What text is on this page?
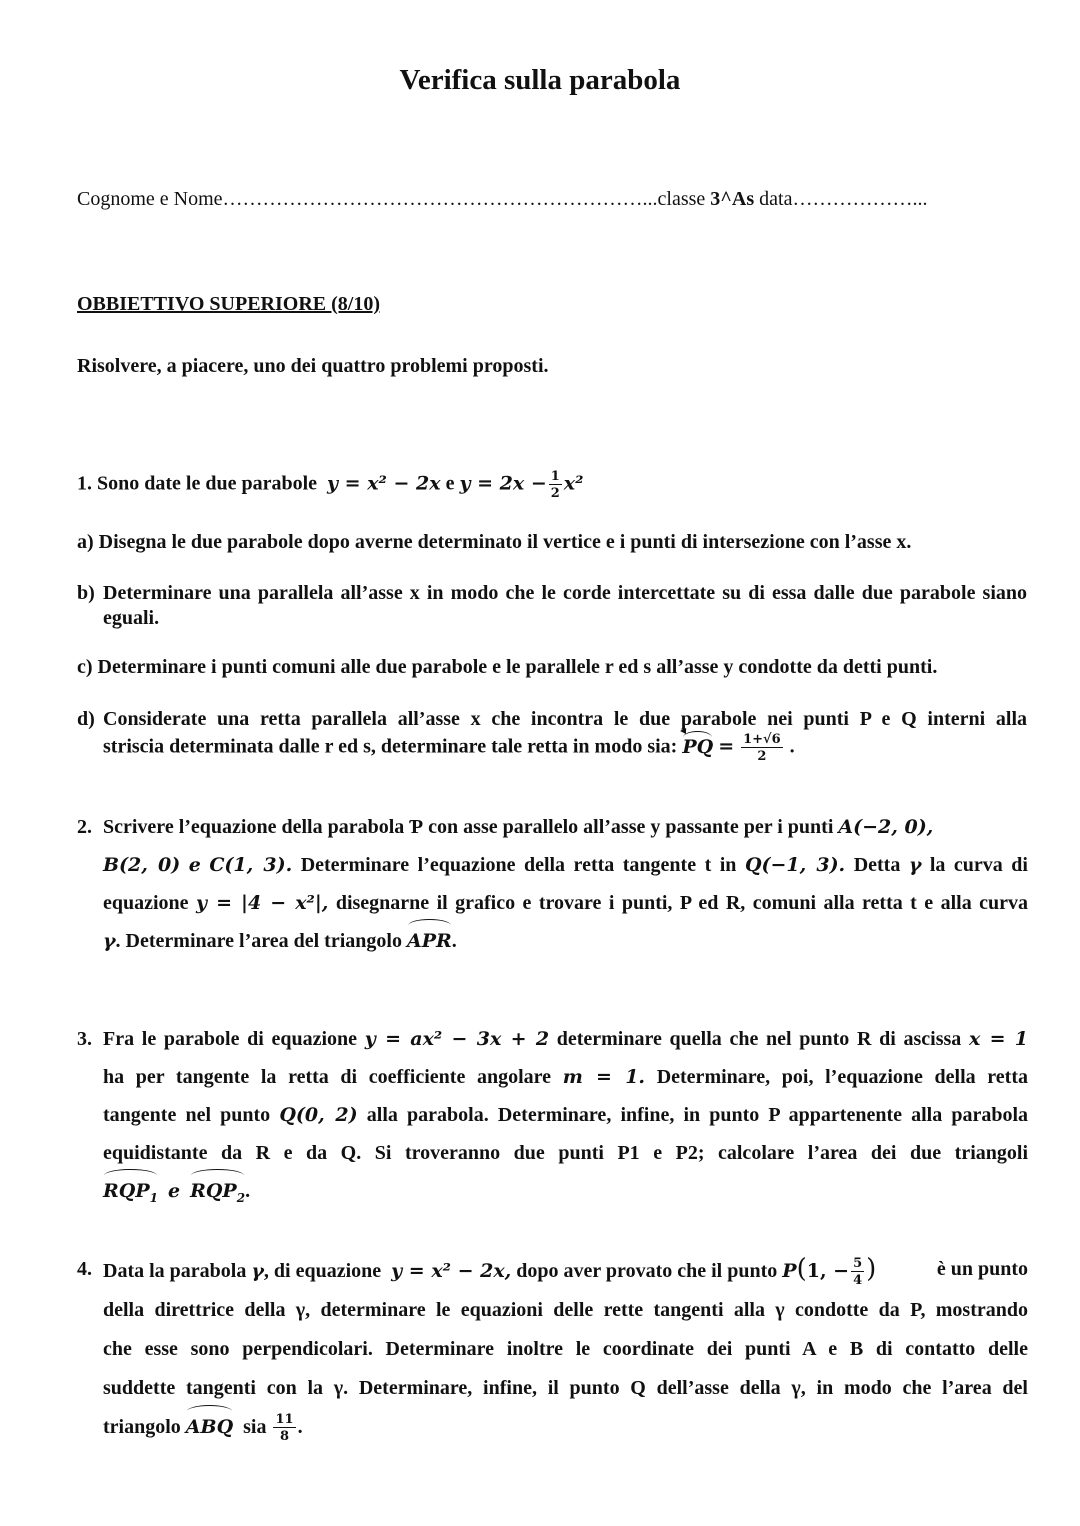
Verifica sulla parabola
Cognome e Nome………………………………………………………...classe 3^As data………………...
OBBIETTIVO SUPERIORE (8/10)
Risolvere, a piacere, uno dei quattro problemi proposti.
1. Sono date le due parabole y = x² − 2x e $y = 2x - \frac{1}{2} x^2$
a) Disegna le due parabole dopo averne determinato il vertice e i punti di intersezione con l’asse x.
b) Determinare una parallela all’asse x in modo che le corde intercettate su di essa dalle due parabole siano eguali.
c) Determinare i punti comuni alle due parabole e le parallele r ed s all’asse y condotte da detti punti.
d) Considerate una retta parallela all’asse x che incontra le due parabole nei punti P e Q interni alla
striscia determinata dalle r ed s, determinare tale retta in modo sia: PQ = $\frac{1+√6}{2}$ .
2. Scrivere l’equazione della parabola Ƥ con asse parallelo all’asse y passante per i punti A(−2, 0),
B(2, 0) e C(1, 3). Determinare l’equazione della retta tangente t in Q(−1, 3). Detta γ la curva di
equazione y = |4 − x²|, disegnarne il grafico e trovare i punti, P ed R, comuni alla retta t e alla curva
γ. Determinare l’area del triangolo APR.
3. Fra le parabole di equazione y = ax² − 3x + 2 determinare quella che nel punto R di ascissa x = 1
ha per tangente la retta di coefficiente angolare m = 1. Determinare, poi, l’equazione della retta
tangente nel punto Q(0, 2) alla parabola. Determinare, infine, in punto P appartenente alla parabola
equidistante da R e da Q. Si troveranno due punti P1 e P2; calcolare l’area dei due triangoli
$RQP_1$ e $RQP_2$.
4. Data la parabola γ, di equazione y = x² − 2x, dopo aver provato che il punto P(1, − $\frac{5}{4}$ )	è un punto
della direttrice della γ, determinare le equazioni delle rette tangenti alla γ condotte da P, mostrando
che esse sono perpendicolari. Determinare inoltre le coordinate dei punti A e B di contatto delle
suddette tangenti con la γ. Determinare, infine, il punto Q dell’asse della γ, in modo che l’area del
triangolo ABQ sia $\frac{11}{8}$ .
